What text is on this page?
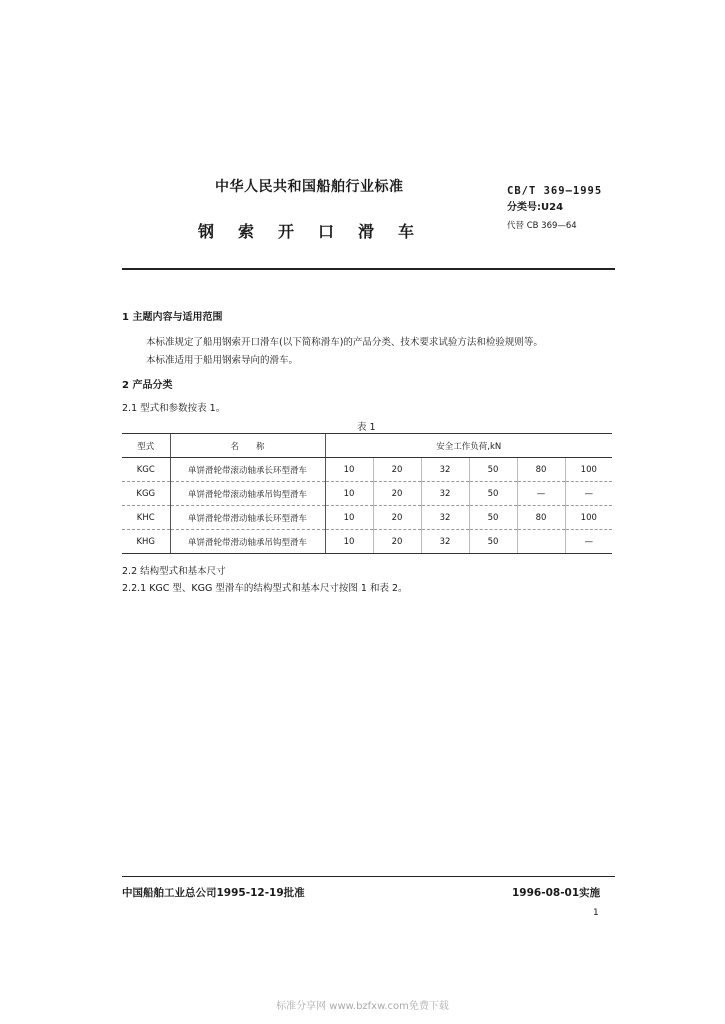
中华人民共和国船舶行业标准
钢索开口滑车
CB/T 369—1995
分类号:U24
代替 CB 369—64
1 主题内容与适用范围
本标准规定了船用钢索开口滑车(以下简称滑车)的产品分类、技术要求试验方法和检验规则等。
本标准适用于船用钢索导向的滑车。
2 产品分类
2.1 型式和参数按表 1。
表 1
型式	名　　称	安全工作负荷,kN					
KGC	单饼滑轮带滚动轴承长环型滑车	10	20	32	50	80	100
KGG	单饼滑轮带滚动轴承吊钩型滑车	10	20	32	50	—	—
KHC	单饼滑轮带滑动轴承长环型滑车	10	20	32	50	80	100
KHG	单饼滑轮带滑动轴承吊钩型滑车	10	20	32	50		—
2.2 结构型式和基本尺寸
2.2.1 KGC 型、KGG 型滑车的结构型式和基本尺寸按图 1 和表 2。
中国船舶工业总公司1995-12-19批准	1996-08-01实施
1
标准分享网 www.bzfxw.com免费下载
